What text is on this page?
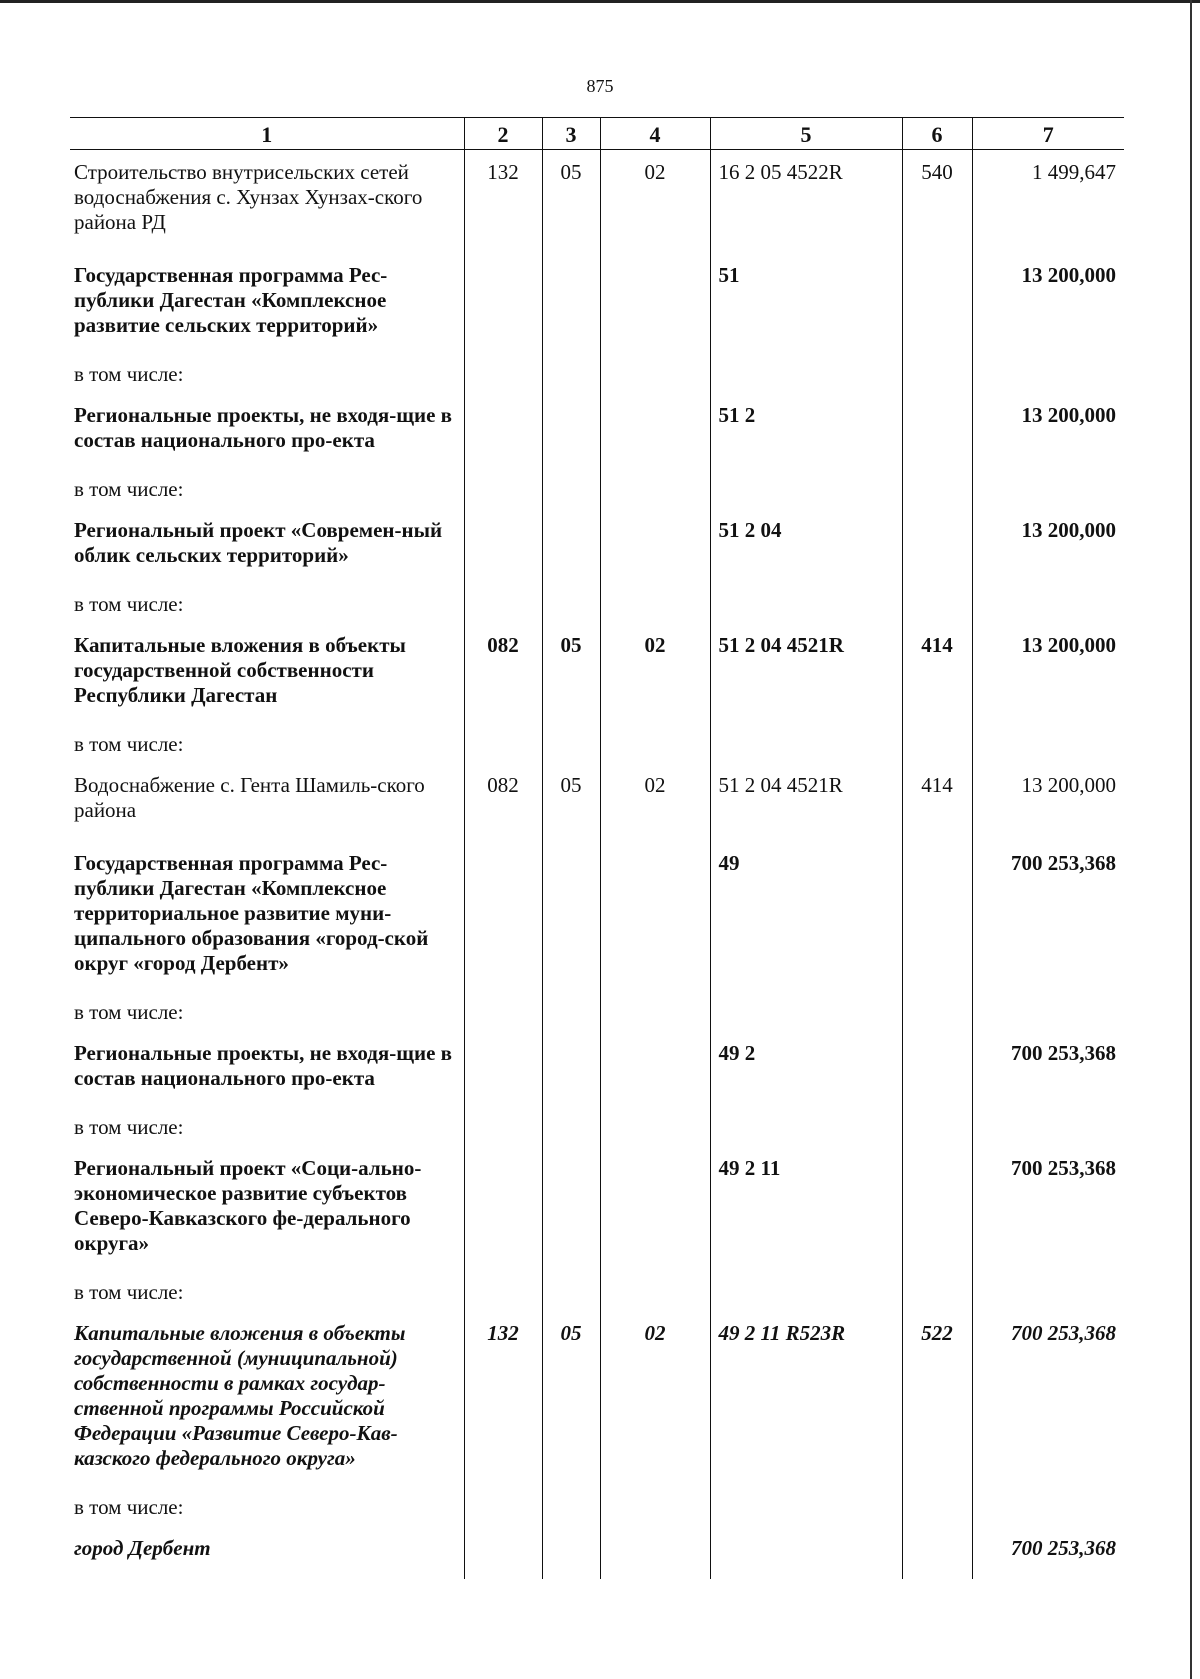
875
1	2	3	4	5	6	7
Строительство внутрисельских сетей водоснабжения с. Хунзах Хунзах-ского района РД	132	05	02	16 2 05 4522R	540	1 499,647
Государственная программа Рес-публики Дагестан «Комплексное развитие сельских территорий»				51		13 200,000
в том числе:						
Региональные проекты, не входя-щие в состав национального про-екта				51 2		13 200,000
в том числе:						
Региональный проект «Современ-ный облик сельских территорий»				51 2 04		13 200,000
в том числе:						
Капитальные вложения в объекты государственной собственности Республики Дагестан	082	05	02	51 2 04 4521R	414	13 200,000
в том числе:						
Водоснабжение с. Гента Шамиль-ского района	082	05	02	51 2 04 4521R	414	13 200,000
Государственная программа Рес-публики Дагестан «Комплексное территориальное развитие муни-ципального образования «город-ской округ «город Дербент»				49		700 253,368
в том числе:						
Региональные проекты, не входя-щие в состав национального про-екта				49 2		700 253,368
в том числе:						
Региональный проект «Соци-ально-экономическое развитие субъектов Северо-Кавказского фе-дерального округа»				49 2 11		700 253,368
в том числе:						
Капитальные вложения в объекты государственной (муниципальной) собственности в рамках государ-ственной программы Российской Федерации «Развитие Северо-Кав-казского федерального округа»	132	05	02	49 2 11 R523R	522	700 253,368
в том числе:						
город Дербент						700 253,368
